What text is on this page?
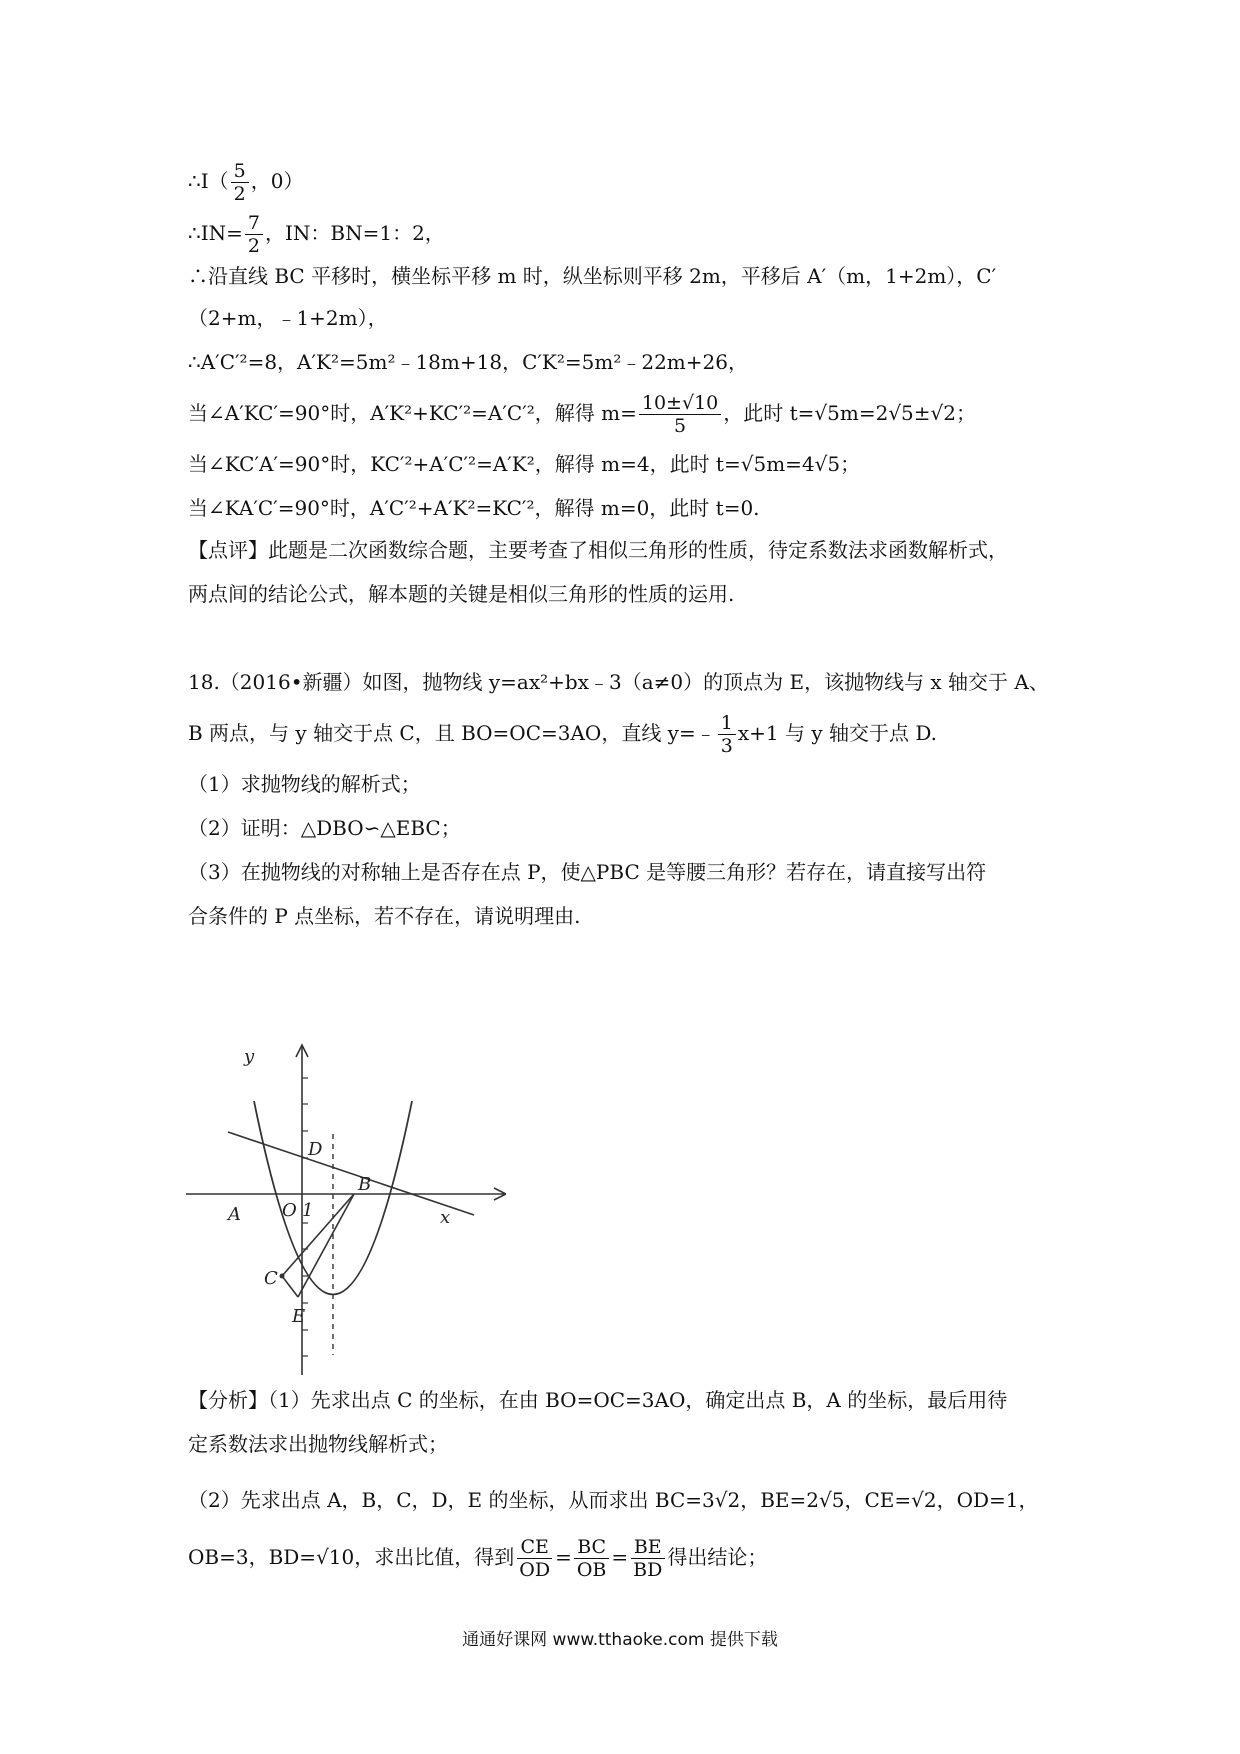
∴I（ $\frac{5}{2}$ ，0）
∴IN= $\frac{7}{2}$ ，IN：BN=1：2，
∴沿直线 BC 平移时，横坐标平移 m 时，纵坐标则平移 2m，平移后 A′（m，1+2m），C′
（2+m，﹣1+2m），
∴A′C′²=8，A′K²=5m²﹣18m+18，C′K²=5m²﹣22m+26，
当∠A′KC′=90°时，A′K²+KC′²=A′C′²，解得 $m= \frac{10\pm√10}{5}$ ，此时 t=√5m=2√5±√2；
当∠KC′A′=90°时，KC′²+A′C′²=A′K²，解得 m=4，此时 t=√5m=4√5；
当∠KA′C′=90°时，A′C′²+A′K²=KC′²，解得 m=0，此时 t=0.
【点评】此题是二次函数综合题，主要考查了相似三角形的性质，待定系数法求函数解析式，
两点间的结论公式，解本题的关键是相似三角形的性质的运用.
18.（2016•新疆）如图，抛物线 y=ax²+bx﹣3（a≠0）的顶点为 E，该抛物线与 x 轴交于 A、
B 两点，与 y 轴交于点 C，且 BO=OC=3AO，直线 y=﹣ $\frac{1}{3} x+1$ 与 y 轴交于点 D.
（1）求抛物线的解析式；
（2）证明：△DBO∽△EBC；
（3）在抛物线的对称轴上是否存在点 P，使△PBC 是等腰三角形？若存在，请直接写出符
合条件的 P 点坐标，若不存在，请说明理由.
y
x
D
B
A O 1
C
E
【分析】（1）先求出点 C 的坐标，在由 BO=OC=3AO，确定出点 B，A 的坐标，最后用待
定系数法求出抛物线解析式；
（2）先求出点 A，B，C，D，E 的坐标，从而求出 BC=3√2，BE=2√5，CE=√2，OD=1，
OB=3，BD=√10，求出比值，得到 $\frac{CE}{OD} = \frac{BC}{OB} = \frac{BE}{BD}$ 得出结论；
通通好课网 www.tthaoke.com 提供下载
